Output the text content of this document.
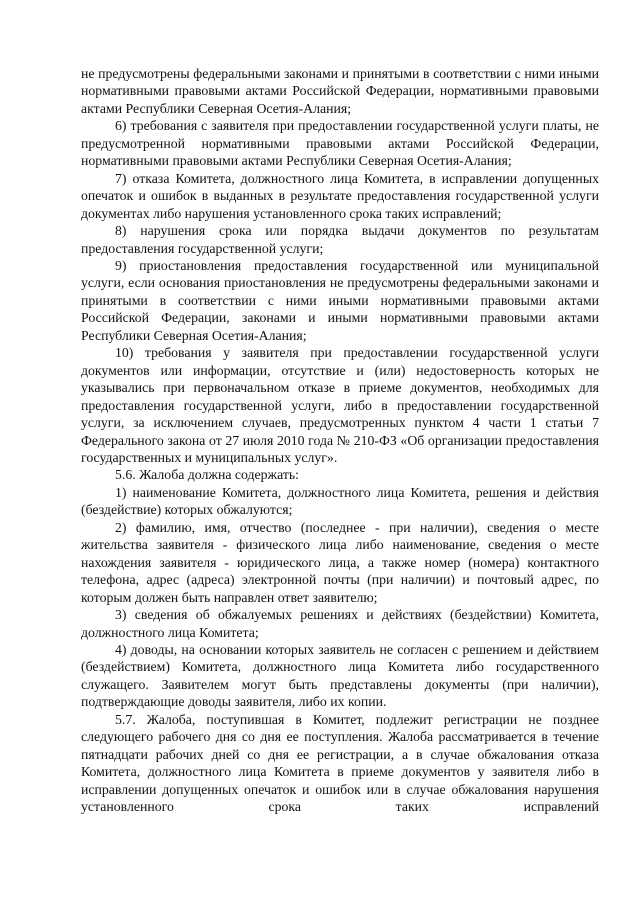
не предусмотрены федеральными законами и принятыми в соответствии с ними иными нормативными правовыми актами Российской Федерации, нормативными правовыми актами Республики Северная Осетия-Алания;

6) требования с заявителя при предоставлении государственной услуги платы, не предусмотренной нормативными правовыми актами Российской Федерации, нормативными правовыми актами Республики Северная Осетия-Алания;

7) отказа Комитета, должностного лица Комитета, в исправлении допущенных опечаток и ошибок в выданных в результате предоставления государственной услуги документах либо нарушения установленного срока таких исправлений;

8) нарушения срока или порядка выдачи документов по результатам предоставления государственной услуги;

9) приостановления предоставления государственной или муниципальной услуги, если основания приостановления не предусмотрены федеральными законами и принятыми в соответствии с ними иными нормативными правовыми актами Российской Федерации, законами и иными нормативными правовыми актами Республики Северная Осетия-Алания;

10) требования у заявителя при предоставлении государственной услуги документов или информации, отсутствие и (или) недостоверность которых не указывались при первоначальном отказе в приеме документов, необходимых для предоставления государственной услуги, либо в предоставлении государственной услуги, за исключением случаев, предусмотренных пунктом 4 части 1 статьи 7 Федерального закона от 27 июля 2010 года № 210-ФЗ «Об организации предоставления государственных и муниципальных услуг».

5.6. Жалоба должна содержать:

1) наименование Комитета, должностного лица Комитета, решения и действия (бездействие) которых обжалуются;

2) фамилию, имя, отчество (последнее - при наличии), сведения о месте жительства заявителя - физического лица либо наименование, сведения о месте нахождения заявителя - юридического лица, а также номер (номера) контактного телефона, адрес (адреса) электронной почты (при наличии) и почтовый адрес, по которым должен быть направлен ответ заявителю;

3) сведения об обжалуемых решениях и действиях (бездействии) Комитета, должностного лица Комитета;

4) доводы, на основании которых заявитель не согласен с решением и действием (бездействием) Комитета, должностного лица Комитета либо государственного служащего. Заявителем могут быть представлены документы (при наличии), подтверждающие доводы заявителя, либо их копии.

5.7. Жалоба, поступившая в Комитет, подлежит регистрации не позднее следующего рабочего дня со дня ее поступления. Жалоба рассматривается в течение пятнадцати рабочих дней со дня ее регистрации, а в случае обжалования отказа Комитета, должностного лица Комитета в приеме документов у заявителя либо в исправлении допущенных опечаток и ошибок или в случае обжалования нарушения установленного срока таких исправлений
